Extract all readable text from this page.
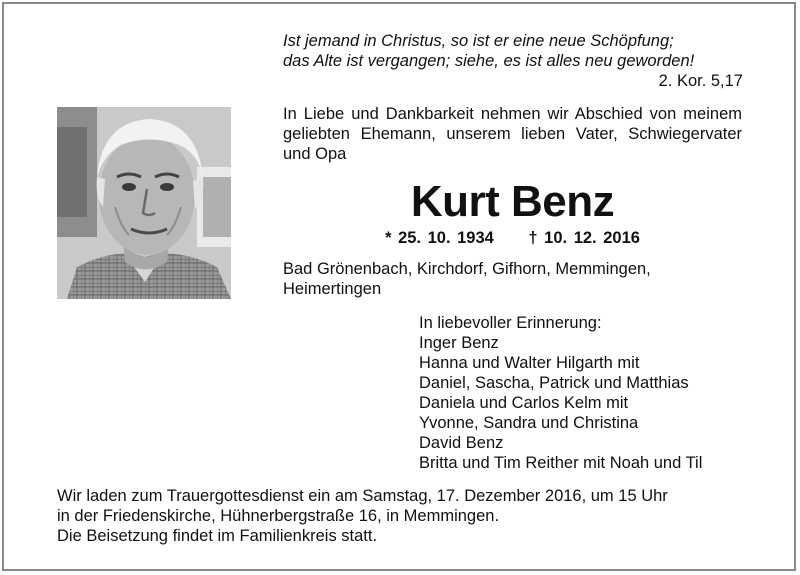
Ist jemand in Christus, so ist er eine neue Schöpfung;
das Alte ist vergangen; siehe, es ist alles neu geworden!
2. Kor. 5,17
In Liebe und Dankbarkeit nehmen wir Abschied von meinem geliebten Ehemann, unserem lieben Vater, Schwiegervater und Opa
Kurt Benz
* 25. 10. 1934 † 10. 12. 2016
Bad Grönenbach, Kirchdorf, Gifhorn, Memmingen, Heimertingen
In liebevoller Erinnerung:
Inger Benz
Hanna und Walter Hilgarth mit
Daniel, Sascha, Patrick und Matthias
Daniela und Carlos Kelm mit
Yvonne, Sandra und Christina
David Benz
Britta und Tim Reither mit Noah und Til
Wir laden zum Trauergottesdienst ein am Samstag, 17. Dezember 2016, um 15 Uhr
in der Friedenskirche, Hühnerbergstraße 16, in Memmingen.
Die Beisetzung findet im Familienkreis statt.
